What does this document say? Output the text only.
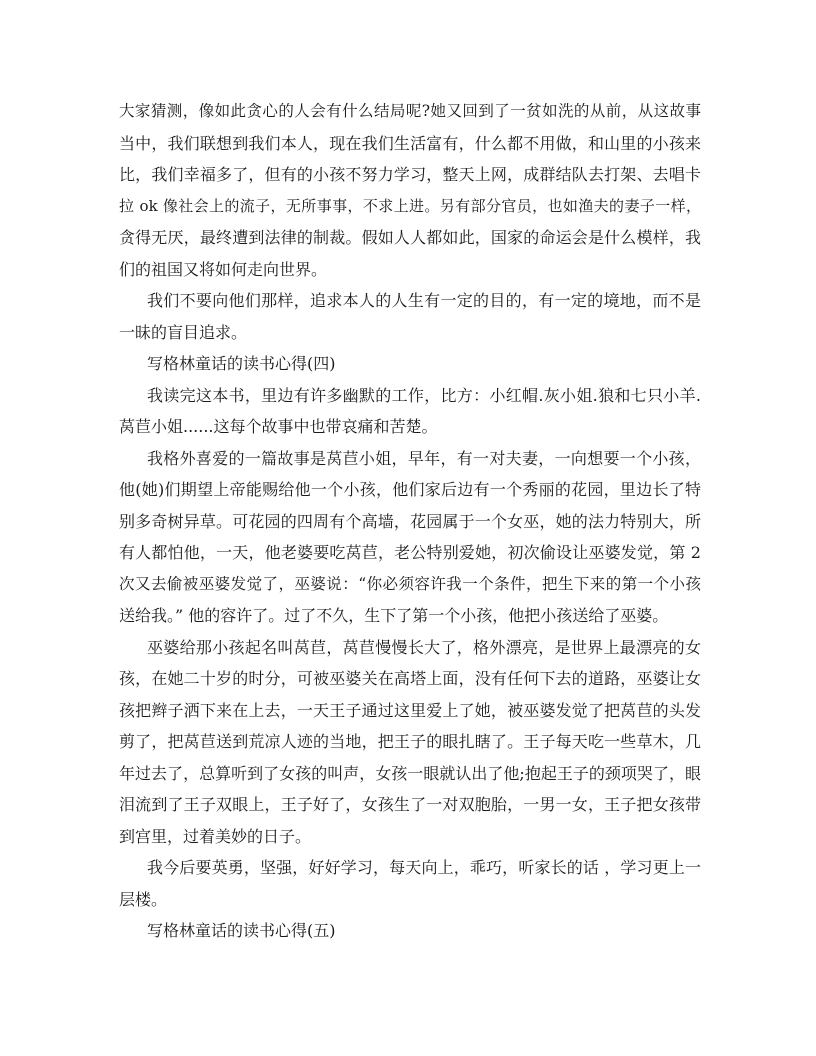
大家猜测，像如此贪心的人会有什么结局呢?她又回到了一贫如洗的从前，从这故事
当中，我们联想到我们本人，现在我们生活富有，什么都不用做，和山里的小孩来
比，我们幸福多了，但有的小孩不努力学习，整天上网，成群结队去打架、去唱卡
拉 ok 像社会上的流子，无所事事，不求上进。另有部分官员，也如渔夫的妻子一样，
贪得无厌，最终遭到法律的制裁。假如人人都如此，国家的命运会是什么模样，我
们的祖国又将如何走向世界。
我们不要向他们那样，追求本人的人生有一定的目的，有一定的境地，而不是
一昧的盲目追求。
写格林童话的读书心得(四)
我读完这本书，里边有许多幽默的工作，比方：小红帽.灰小姐.狼和七只小羊.
莴苣小姐......这每个故事中也带哀痛和苦楚。
我格外喜爱的一篇故事是莴苣小姐，早年，有一对夫妻，一向想要一个小孩，
他(她)们期望上帝能赐给他一个小孩，他们家后边有一个秀丽的花园，里边长了特
别多奇树异草。可花园的四周有个高墙，花园属于一个女巫，她的法力特别大，所
有人都怕他，一天，他老婆要吃莴苣，老公特别爱她，初次偷设让巫婆发觉，第 2
次又去偷被巫婆发觉了，巫婆说：“你必须容许我一个条件，把生下来的第一个小孩
送给我。” 他的容许了。过了不久，生下了第一个小孩，他把小孩送给了巫婆。
巫婆给那小孩起名叫莴苣，莴苣慢慢长大了，格外漂亮，是世界上最漂亮的女
孩，在她二十岁的时分，可被巫婆关在高塔上面，没有任何下去的道路，巫婆让女
孩把辫子洒下来在上去，一天王子通过这里爱上了她，被巫婆发觉了把莴苣的头发
剪了，把莴苣送到荒凉人迹的当地，把王子的眼扎瞎了。王子每天吃一些草木，几
年过去了，总算听到了女孩的叫声，女孩一眼就认出了他;抱起王子的颈项哭了，眼
泪流到了王子双眼上，王子好了，女孩生了一对双胞胎，一男一女，王子把女孩带
到宫里，过着美妙的日子。
我今后要英勇，坚强，好好学习，每天向上，乖巧，听家长的话 ，学习更上一
层楼。
写格林童话的读书心得(五)
